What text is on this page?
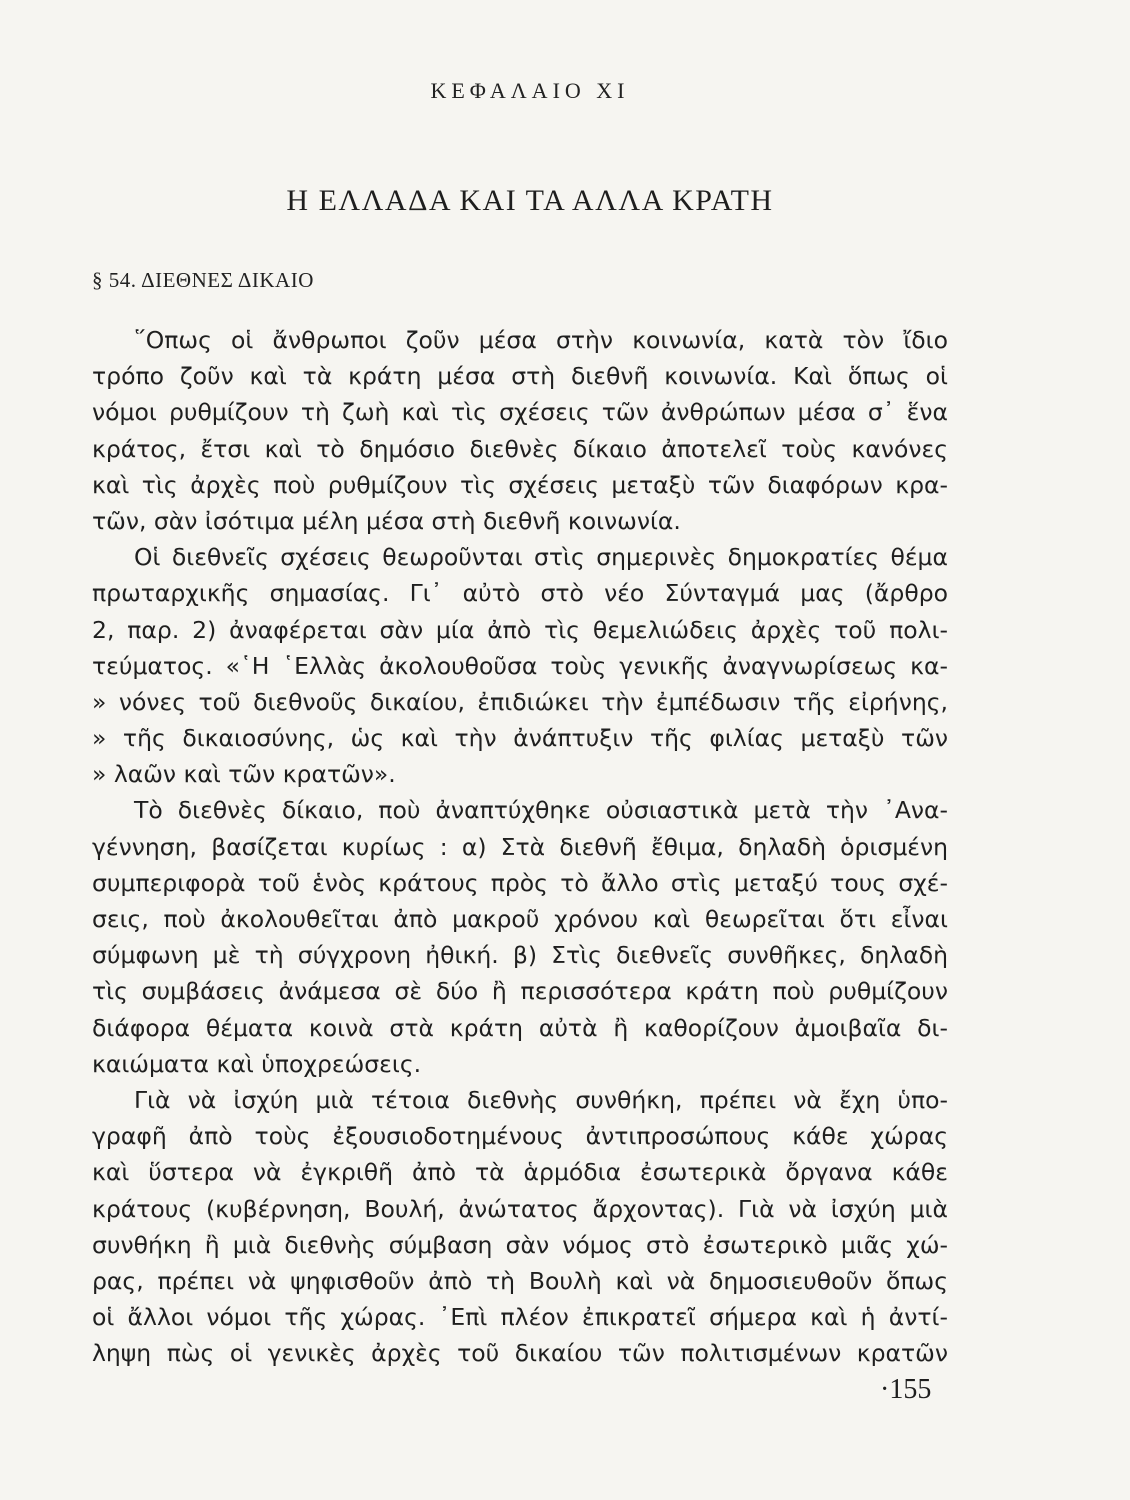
ΚΕΦΑΛΑΙΟ XI
Η ΕΛΛΑΔΑ ΚΑΙ ΤΑ ΑΛΛΑ ΚΡΑΤΗ
§ 54. ΔΙΕΘΝΕΣ ΔΙΚΑΙΟ
῞Οπως οἱ ἄνθρωποι ζοῦν μέσα στὴν κοινωνία, κατὰ τὸν ἴδιο
τρόπο ζοῦν καὶ τὰ κράτη μέσα στὴ διεθνῆ κοινωνία. Καὶ ὅπως οἱ
νόμοι ρυθμίζουν τὴ ζωὴ καὶ τὶς σχέσεις τῶν ἀνθρώπων μέσα σ᾽ ἕνα
κράτος, ἔτσι καὶ τὸ δημόσιο διεθνὲς δίκαιο ἀποτελεῖ τοὺς κανόνες
καὶ τὶς ἀρχὲς ποὺ ρυθμίζουν τὶς σχέσεις μεταξὺ τῶν διαφόρων κρα-
τῶν, σὰν ἰσότιμα μέλη μέσα στὴ διεθνῆ κοινωνία.
Οἱ διεθνεῖς σχέσεις θεωροῦνται στὶς σημερινὲς δημοκρατίες θέμα
πρωταρχικῆς σημασίας. Γι᾽ αὐτὸ στὸ νέο Σύνταγμά μας (ἄρθρο
2, παρ. 2) ἀναφέρεται σὰν μία ἀπὸ τὶς θεμελιώδεις ἀρχὲς τοῦ πολι-
τεύματος. «῾Η ῾Ελλὰς ἀκολουθοῦσα τοὺς γενικῆς ἀναγνωρίσεως κα-
» νόνες τοῦ διεθνοῦς δικαίου, ἐπιδιώκει τὴν ἐμπέδωσιν τῆς εἰρήνης,
» τῆς δικαιοσύνης, ὡς καὶ τὴν ἀνάπτυξιν τῆς φιλίας μεταξὺ τῶν
» λαῶν καὶ τῶν κρατῶν».
Τὸ διεθνὲς δίκαιο, ποὺ ἀναπτύχθηκε οὐσιαστικὰ μετὰ τὴν ᾿Ανα-
γέννηση, βασίζεται κυρίως : α) Στὰ διεθνῆ ἔθιμα, δηλαδὴ ὁρισμένη
συμπεριφορὰ τοῦ ἑνὸς κράτους πρὸς τὸ ἄλλο στὶς μεταξύ τους σχέ-
σεις, ποὺ ἀκολουθεῖται ἀπὸ μακροῦ χρόνου καὶ θεωρεῖται ὅτι εἶναι
σύμφωνη μὲ τὴ σύγχρονη ἠθική. β) Στὶς διεθνεῖς συνθῆκες, δηλαδὴ
τὶς συμβάσεις ἀνάμεσα σὲ δύο ἢ περισσότερα κράτη ποὺ ρυθμίζουν
διάφορα θέματα κοινὰ στὰ κράτη αὐτὰ ἢ καθορίζουν ἀμοιβαῖα δι-
καιώματα καὶ ὑποχρεώσεις.
Γιὰ νὰ ἰσχύη μιὰ τέτοια διεθνὴς συνθήκη, πρέπει νὰ ἔχη ὑπο-
γραφῆ ἀπὸ τοὺς ἐξουσιοδοτημένους ἀντιπροσώπους κάθε χώρας
καὶ ὕστερα νὰ ἐγκριθῆ ἀπὸ τὰ ἁρμόδια ἐσωτερικὰ ὄργανα κάθε
κράτους (κυβέρνηση, Βουλή, ἀνώτατος ἄρχοντας). Γιὰ νὰ ἰσχύη μιὰ
συνθήκη ἢ μιὰ διεθνὴς σύμβαση σὰν νόμος στὸ ἐσωτερικὸ μιᾶς χώ-
ρας, πρέπει νὰ ψηφισθοῦν ἀπὸ τὴ Βουλὴ καὶ νὰ δημοσιευθοῦν ὅπως
οἱ ἄλλοι νόμοι τῆς χώρας. ᾿Επὶ πλέον ἐπικρατεῖ σήμερα καὶ ἡ ἀντί-
ληψη πὼς οἱ γενικὲς ἀρχὲς τοῦ δικαίου τῶν πολιτισμένων κρατῶν
·155
